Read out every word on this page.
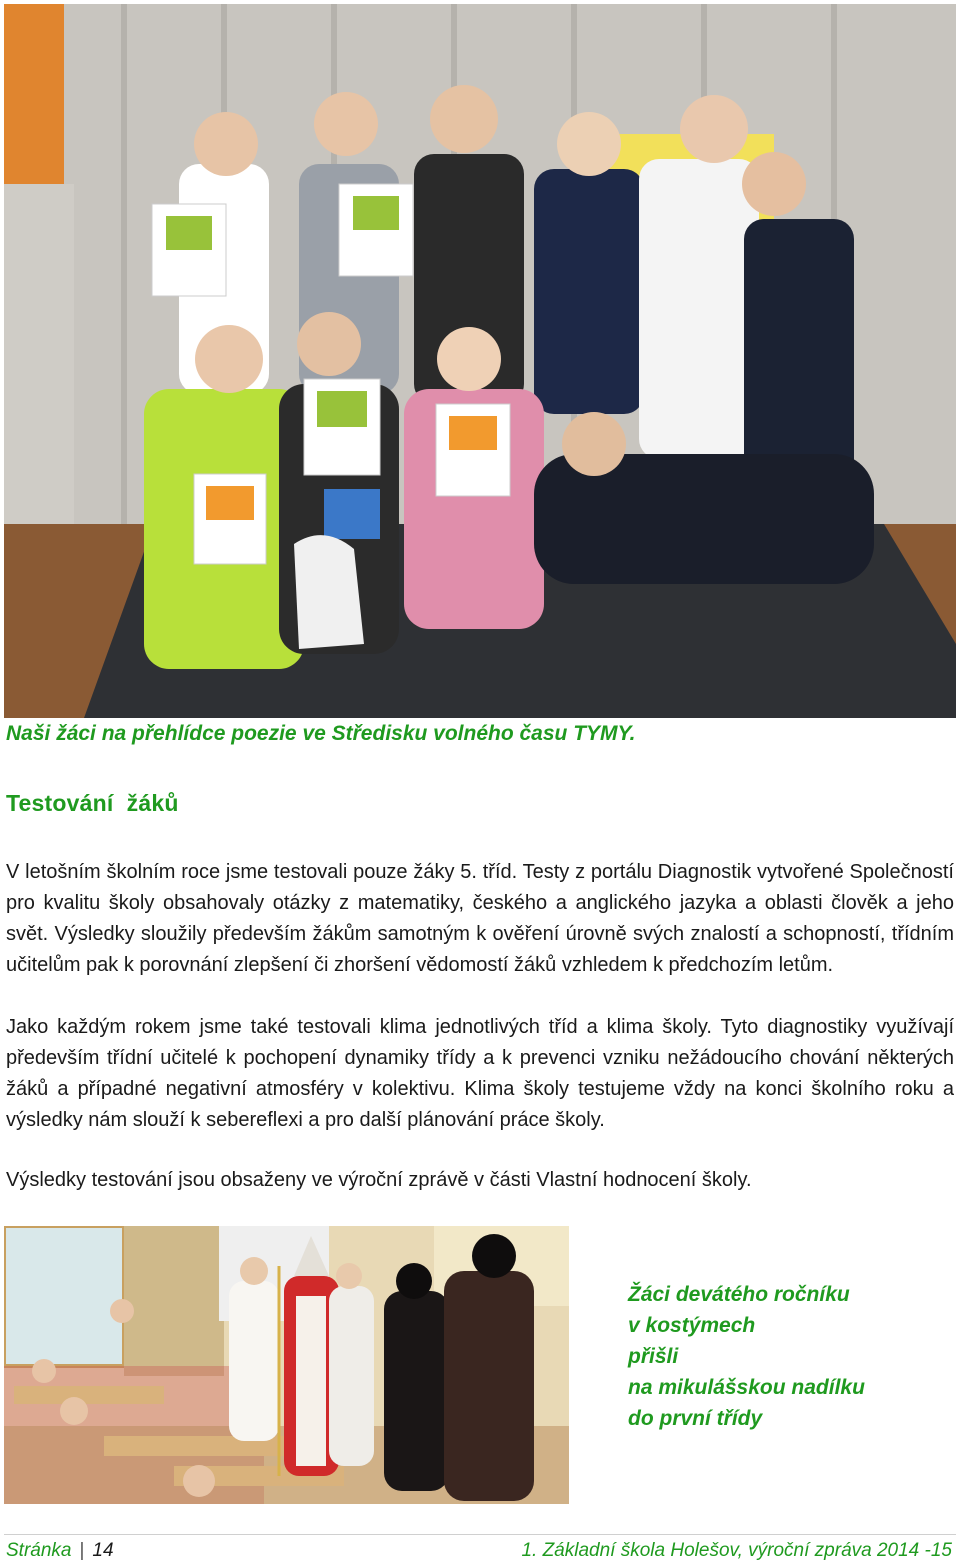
Naši žáci na přehlídce poezie ve Středisku volného času TYMY.
Testování  žáků

V letošním školním roce jsme testovali pouze žáky 5. tříd. Testy z portálu Diagnostik vytvořené Společností pro kvalitu školy obsahovaly otázky z matematiky, českého a anglického jazyka a oblasti člověk a jeho svět. Výsledky sloužily především žákům samotným k ověření úrovně svých znalostí a schopností, třídním učitelům pak k porovnání zlepšení či zhoršení vědomostí žáků vzhledem k předchozím letům.

Jako každým rokem jsme také testovali klima jednotlivých tříd a klima školy. Tyto diagnostiky využívají především třídní učitelé k pochopení dynamiky třídy a k prevenci vzniku nežádoucího chování některých žáků a případné negativní atmosféry v kolektivu. Klima školy testujeme vždy na konci školního roku a výsledky nám slouží k sebereflexi a pro další plánování práce školy.

Výsledky testování jsou obsaženy ve výroční zprávě v části Vlastní hodnocení školy.

Žáci devátého ročníku
v kostýmech
přišli
na mikulášskou nadílku
do první třídy
Stránka | 14	1. Základní škola Holešov, výroční zpráva 2014 -15
